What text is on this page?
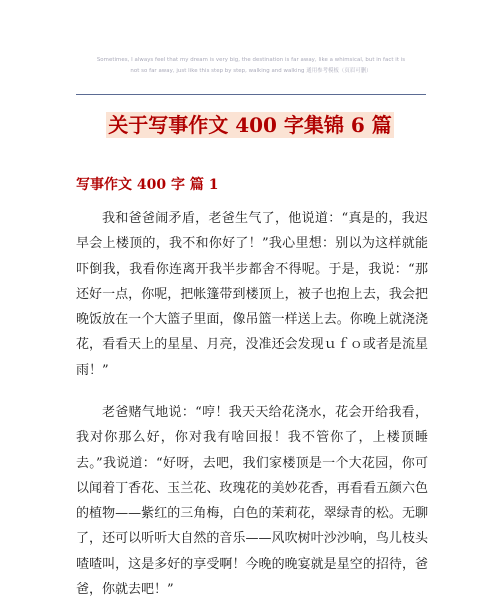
Sometimes, I always feel that my dream is very big, the destination is far away, like a whimsical, but in fact it is
not so far away, just like this step by step, walking and walking 通用参考模板（页眉可删）
关于写事作文 400 字集锦 6 篇
写事作文 400 字 篇 1

我和爸爸闹矛盾，老爸生气了，他说道：“真是的，我迟早会上楼顶的，我不和你好了！”我心里想：别以为这样就能吓倒我，我看你连离开我半步都舍不得呢。于是，我说：“那还好一点，你呢，把帐篷带到楼顶上，被子也抱上去，我会把晚饭放在一个大篮子里面，像吊篮一样送上去。你晚上就浇浇花，看看天上的星星、月亮，没准还会发现ｕｆｏ或者是流星雨！”

老爸赌气地说：“哼！我天天给花浇水，花会开给我看，我对你那么好，你对我有啥回报！我不管你了，上楼顶睡去。”我说道：“好呀，去吧，我们家楼顶是一个大花园，你可以闻着丁香花、玉兰花、玫瑰花的美妙花香，再看看五颜六色的植物——紫红的三角梅，白色的茉莉花，翠绿青的松。无聊了，还可以听听大自然的音乐——风吹树叶沙沙响，鸟儿枝头喳喳叫，这是多好的享受啊！今晚的晚宴就是星空的招待，爸爸，你就去吧！”
